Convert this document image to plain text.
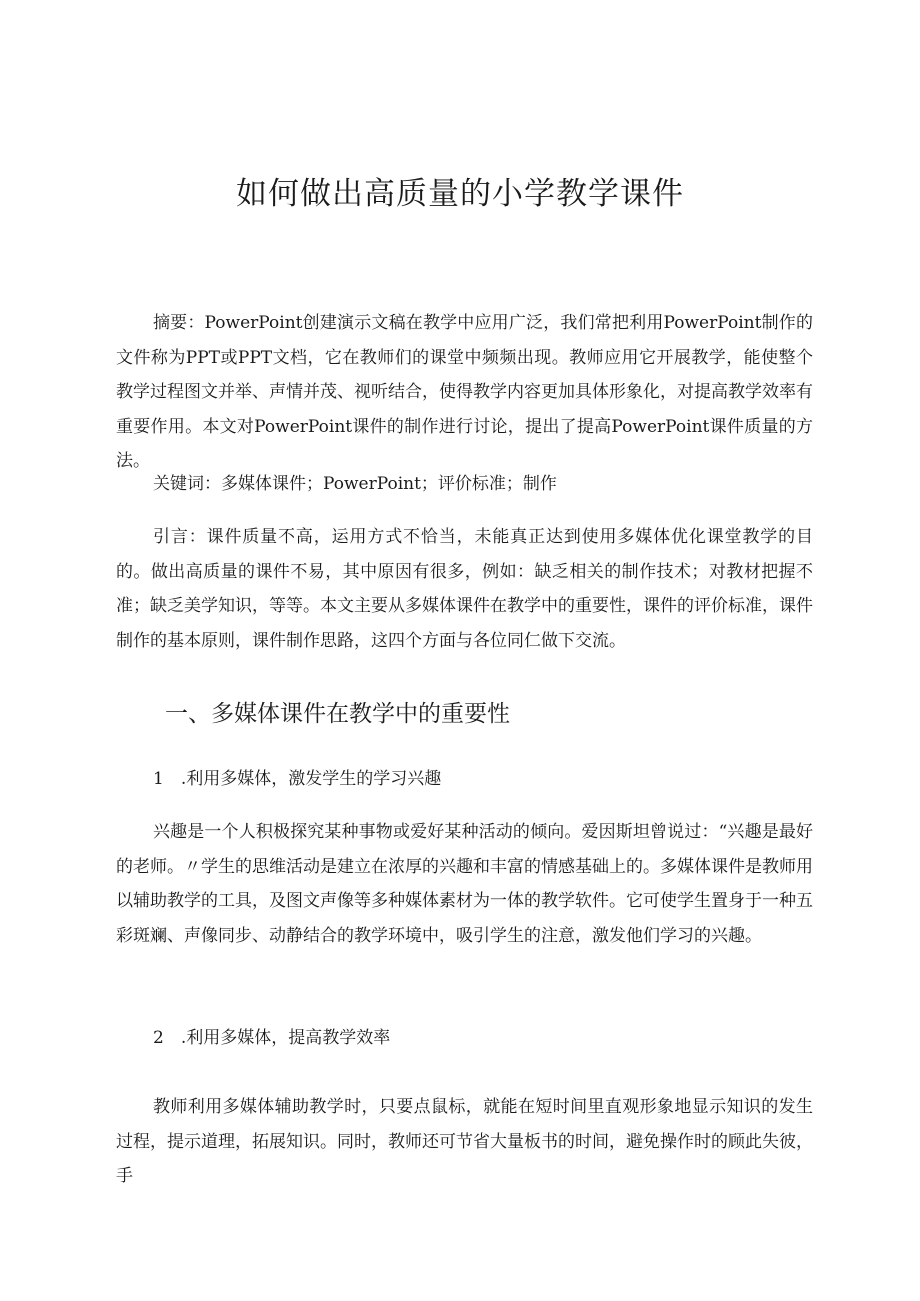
如何做出高质量的小学教学课件

摘要：PowerPoint创建演示文稿在教学中应用广泛，我们常把利用PowerPoint制作的文件称为PPT或PPT文档，它在教师们的课堂中频频出现。教师应用它开展教学，能使整个教学过程图文并举、声情并茂、视听结合，使得教学内容更加具体形象化，对提高教学效率有重要作用。本文对PowerPoint课件的制作进行讨论，提出了提高PowerPoint课件质量的方法。

关键词：多媒体课件；PowerPoint；评价标准；制作

引言：课件质量不高，运用方式不恰当，未能真正达到使用多媒体优化课堂教学的目的。做出高质量的课件不易，其中原因有很多，例如：缺乏相关的制作技术；对教材把握不准；缺乏美学知识，等等。本文主要从多媒体课件在教学中的重要性，课件的评价标准，课件制作的基本原则，课件制作思路，这四个方面与各位同仁做下交流。

一、多媒体课件在教学中的重要性

1　.利用多媒体，激发学生的学习兴趣

兴趣是一个人积极探究某种事物或爱好某种活动的倾向。爱因斯坦曾说过：“兴趣是最好的老师。〃学生的思维活动是建立在浓厚的兴趣和丰富的情感基础上的。多媒体课件是教师用以辅助教学的工具，及图文声像等多种媒体素材为一体的教学软件。它可使学生置身于一种五彩斑斓、声像同步、动静结合的教学环境中，吸引学生的注意，激发他们学习的兴趣。

2　.利用多媒体，提高教学效率

教师利用多媒体辅助教学时，只要点鼠标，就能在短时间里直观形象地显示知识的发生过程，提示道理，拓展知识。同时，教师还可节省大量板书的时间，避免操作时的顾此失彼，手
